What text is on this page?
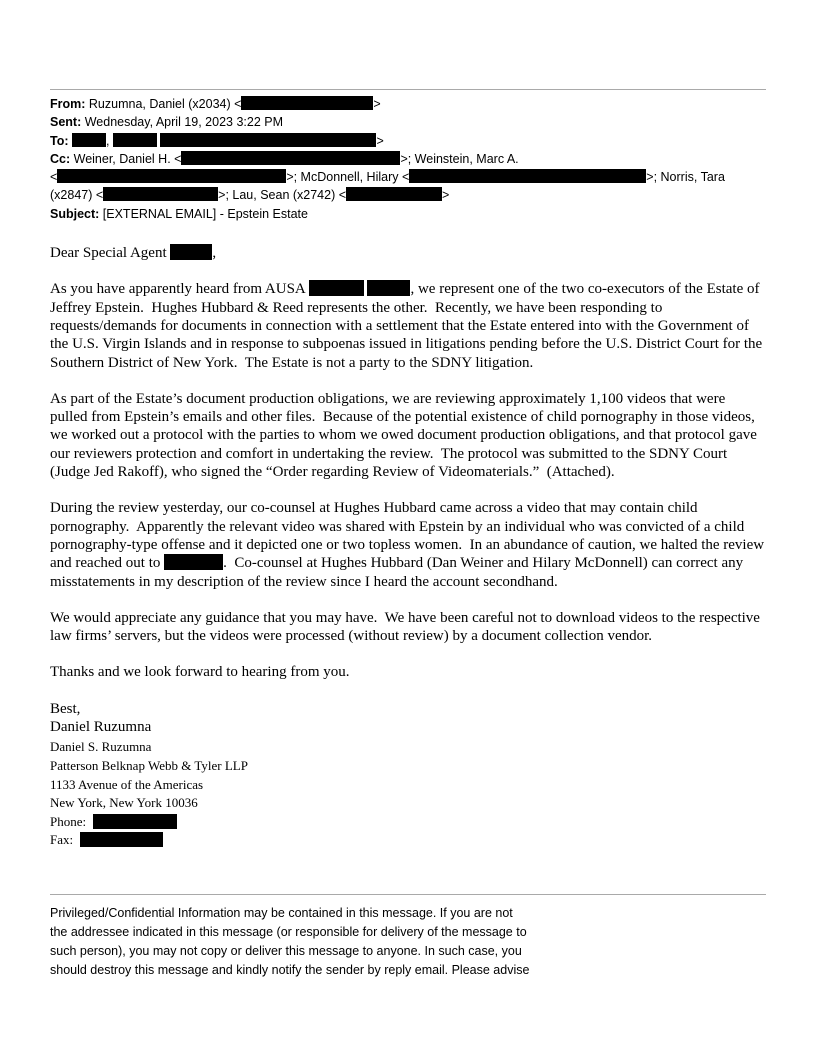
From: Ruzumna, Daniel (x2034) <	>
Sent: Wednesday, April 19, 2023 3:22 PM
To:	,	>
Cc: Weiner, Daniel H. <	>; Weinstein, Marc A.
<	>; McDonnell, Hilary <	>; Norris, Tara
(x2847) <	>; Lau, Sean (x2742) <	>
Subject: [EXTERNAL EMAIL] - Epstein Estate

Dear Special Agent	,

As you have apparently heard from AUSA	, we represent one of the two co-executors of the Estate of Jeffrey Epstein.  Hughes Hubbard & Reed represents the other.  Recently, we have been responding to requests/demands for documents in connection with a settlement that the Estate entered into with the Government of the U.S. Virgin Islands and in response to subpoenas issued in litigations pending before the U.S. District Court for the Southern District of New York.  The Estate is not a party to the SDNY litigation.

As part of the Estate’s document production obligations, we are reviewing approximately 1,100 videos that were pulled from Epstein’s emails and other files.  Because of the potential existence of child pornography in those videos, we worked out a protocol with the parties to whom we owed document production obligations, and that protocol gave our reviewers protection and comfort in undertaking the review.  The protocol was submitted to the SDNY Court (Judge Jed Rakoff), who signed the “Order regarding Review of Videomaterials.”  (Attached).

During the review yesterday, our co-counsel at Hughes Hubbard came across a video that may contain child pornography.  Apparently the relevant video was shared with Epstein by an individual who was convicted of a child pornography-type offense and it depicted one or two topless women.  In an abundance of caution, we halted the review and reached out to	.  Co-counsel at Hughes Hubbard (Dan Weiner and Hilary McDonnell) can correct any misstatements in my description of the review since I heard the account secondhand.

We would appreciate any guidance that you may have.  We have been careful not to download videos to the respective law firms’ servers, but the videos were processed (without review) by a document collection vendor.

Thanks and we look forward to hearing from you.

Best,
Daniel Ruzumna

Daniel S. Ruzumna
Patterson Belknap Webb & Tyler LLP
1133 Avenue of the Americas
New York, New York 10036
Phone:
Fax:
Privileged/Confidential Information may be contained in this message. If you are not
the addressee indicated in this message (or responsible for delivery of the message to
such person), you may not copy or deliver this message to anyone. In such case, you
should destroy this message and kindly notify the sender by reply email. Please advise
